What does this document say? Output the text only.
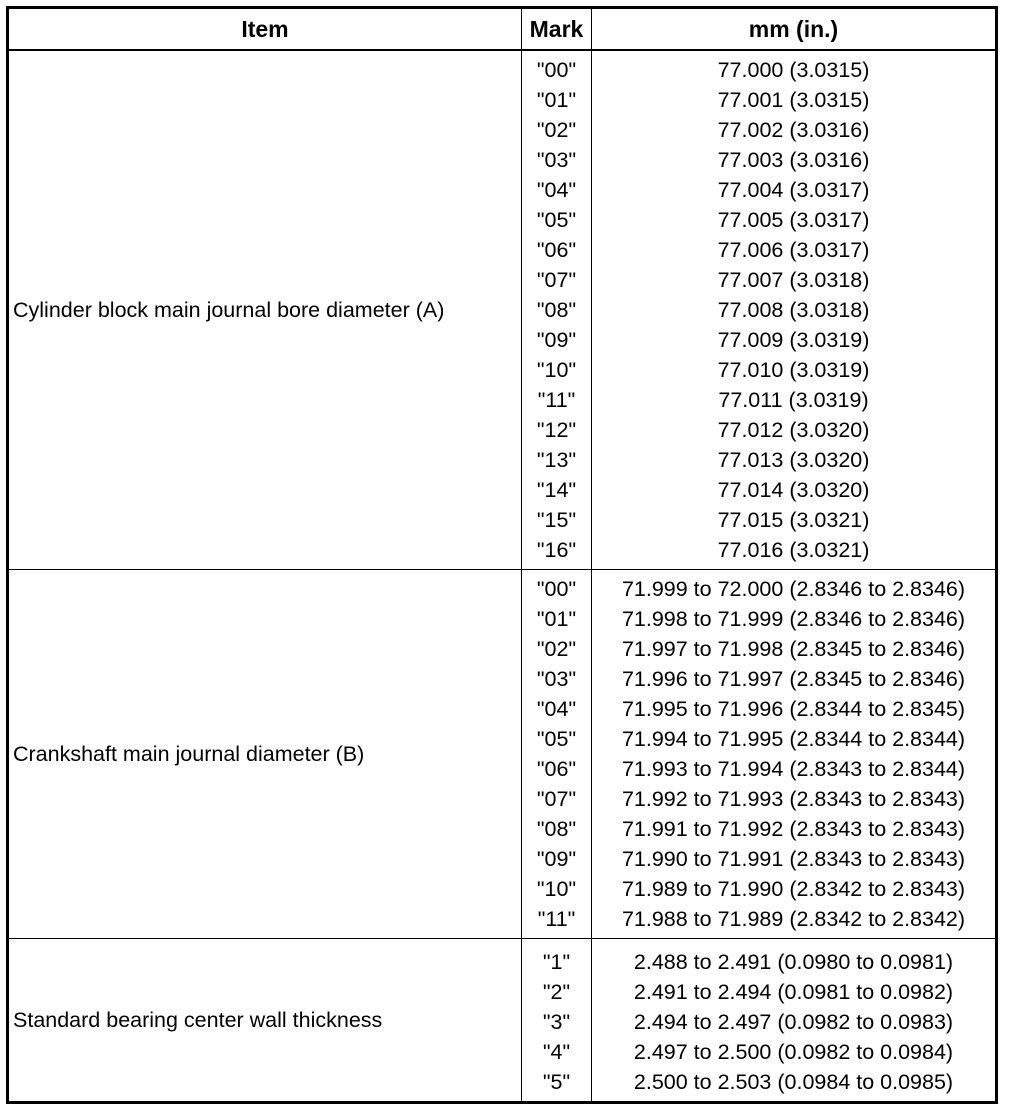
Item	Mark	mm (in.)
Cylinder block main journal bore diameter (A)
"00"
"01"
"02"
"03"
"04"
"05"
"06"
"07"
"08"
"09"
"10"
"11"
"12"
"13"
"14"
"15"
"16"
77.000 (3.0315)
77.001 (3.0315)
77.002 (3.0316)
77.003 (3.0316)
77.004 (3.0317)
77.005 (3.0317)
77.006 (3.0317)
77.007 (3.0318)
77.008 (3.0318)
77.009 (3.0319)
77.010 (3.0319)
77.011 (3.0319)
77.012 (3.0320)
77.013 (3.0320)
77.014 (3.0320)
77.015 (3.0321)
77.016 (3.0321)
Crankshaft main journal diameter (B)
"00"
"01"
"02"
"03"
"04"
"05"
"06"
"07"
"08"
"09"
"10"
"11"
71.999 to 72.000 (2.8346 to 2.8346)
71.998 to 71.999 (2.8346 to 2.8346)
71.997 to 71.998 (2.8345 to 2.8346)
71.996 to 71.997 (2.8345 to 2.8346)
71.995 to 71.996 (2.8344 to 2.8345)
71.994 to 71.995 (2.8344 to 2.8344)
71.993 to 71.994 (2.8343 to 2.8344)
71.992 to 71.993 (2.8343 to 2.8343)
71.991 to 71.992 (2.8343 to 2.8343)
71.990 to 71.991 (2.8343 to 2.8343)
71.989 to 71.990 (2.8342 to 2.8343)
71.988 to 71.989 (2.8342 to 2.8342)
Standard bearing center wall thickness
"1"
"2"
"3"
"4"
"5"
2.488 to 2.491 (0.0980 to 0.0981)
2.491 to 2.494 (0.0981 to 0.0982)
2.494 to 2.497 (0.0982 to 0.0983)
2.497 to 2.500 (0.0982 to 0.0984)
2.500 to 2.503 (0.0984 to 0.0985)
